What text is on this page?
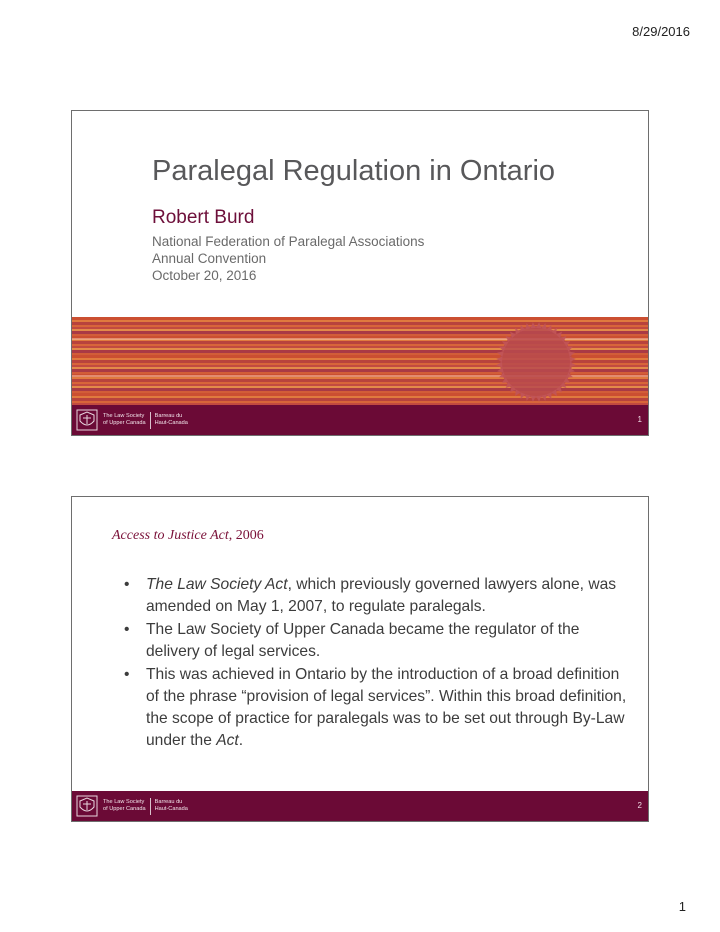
8/29/2016
Paralegal Regulation in Ontario
Robert Burd
National Federation of Paralegal Associations
Annual Convention
October 20, 2016
The Law Society
of Upper Canada
Barreau du
Haut-Canada	1
Access to Justice Act, 2006
• The Law Society Act, which previously governed lawyers alone, was amended on May 1, 2007, to regulate paralegals.
• The Law Society of Upper Canada became the regulator of the delivery of legal services.
• This was achieved in Ontario by the introduction of a broad definition of the phrase “provision of legal services”. Within this broad definition, the scope of practice for paralegals was to be set out through By-Law under the Act.
The Law Society
of Upper Canada
Barreau du
Haut-Canada	2
1
